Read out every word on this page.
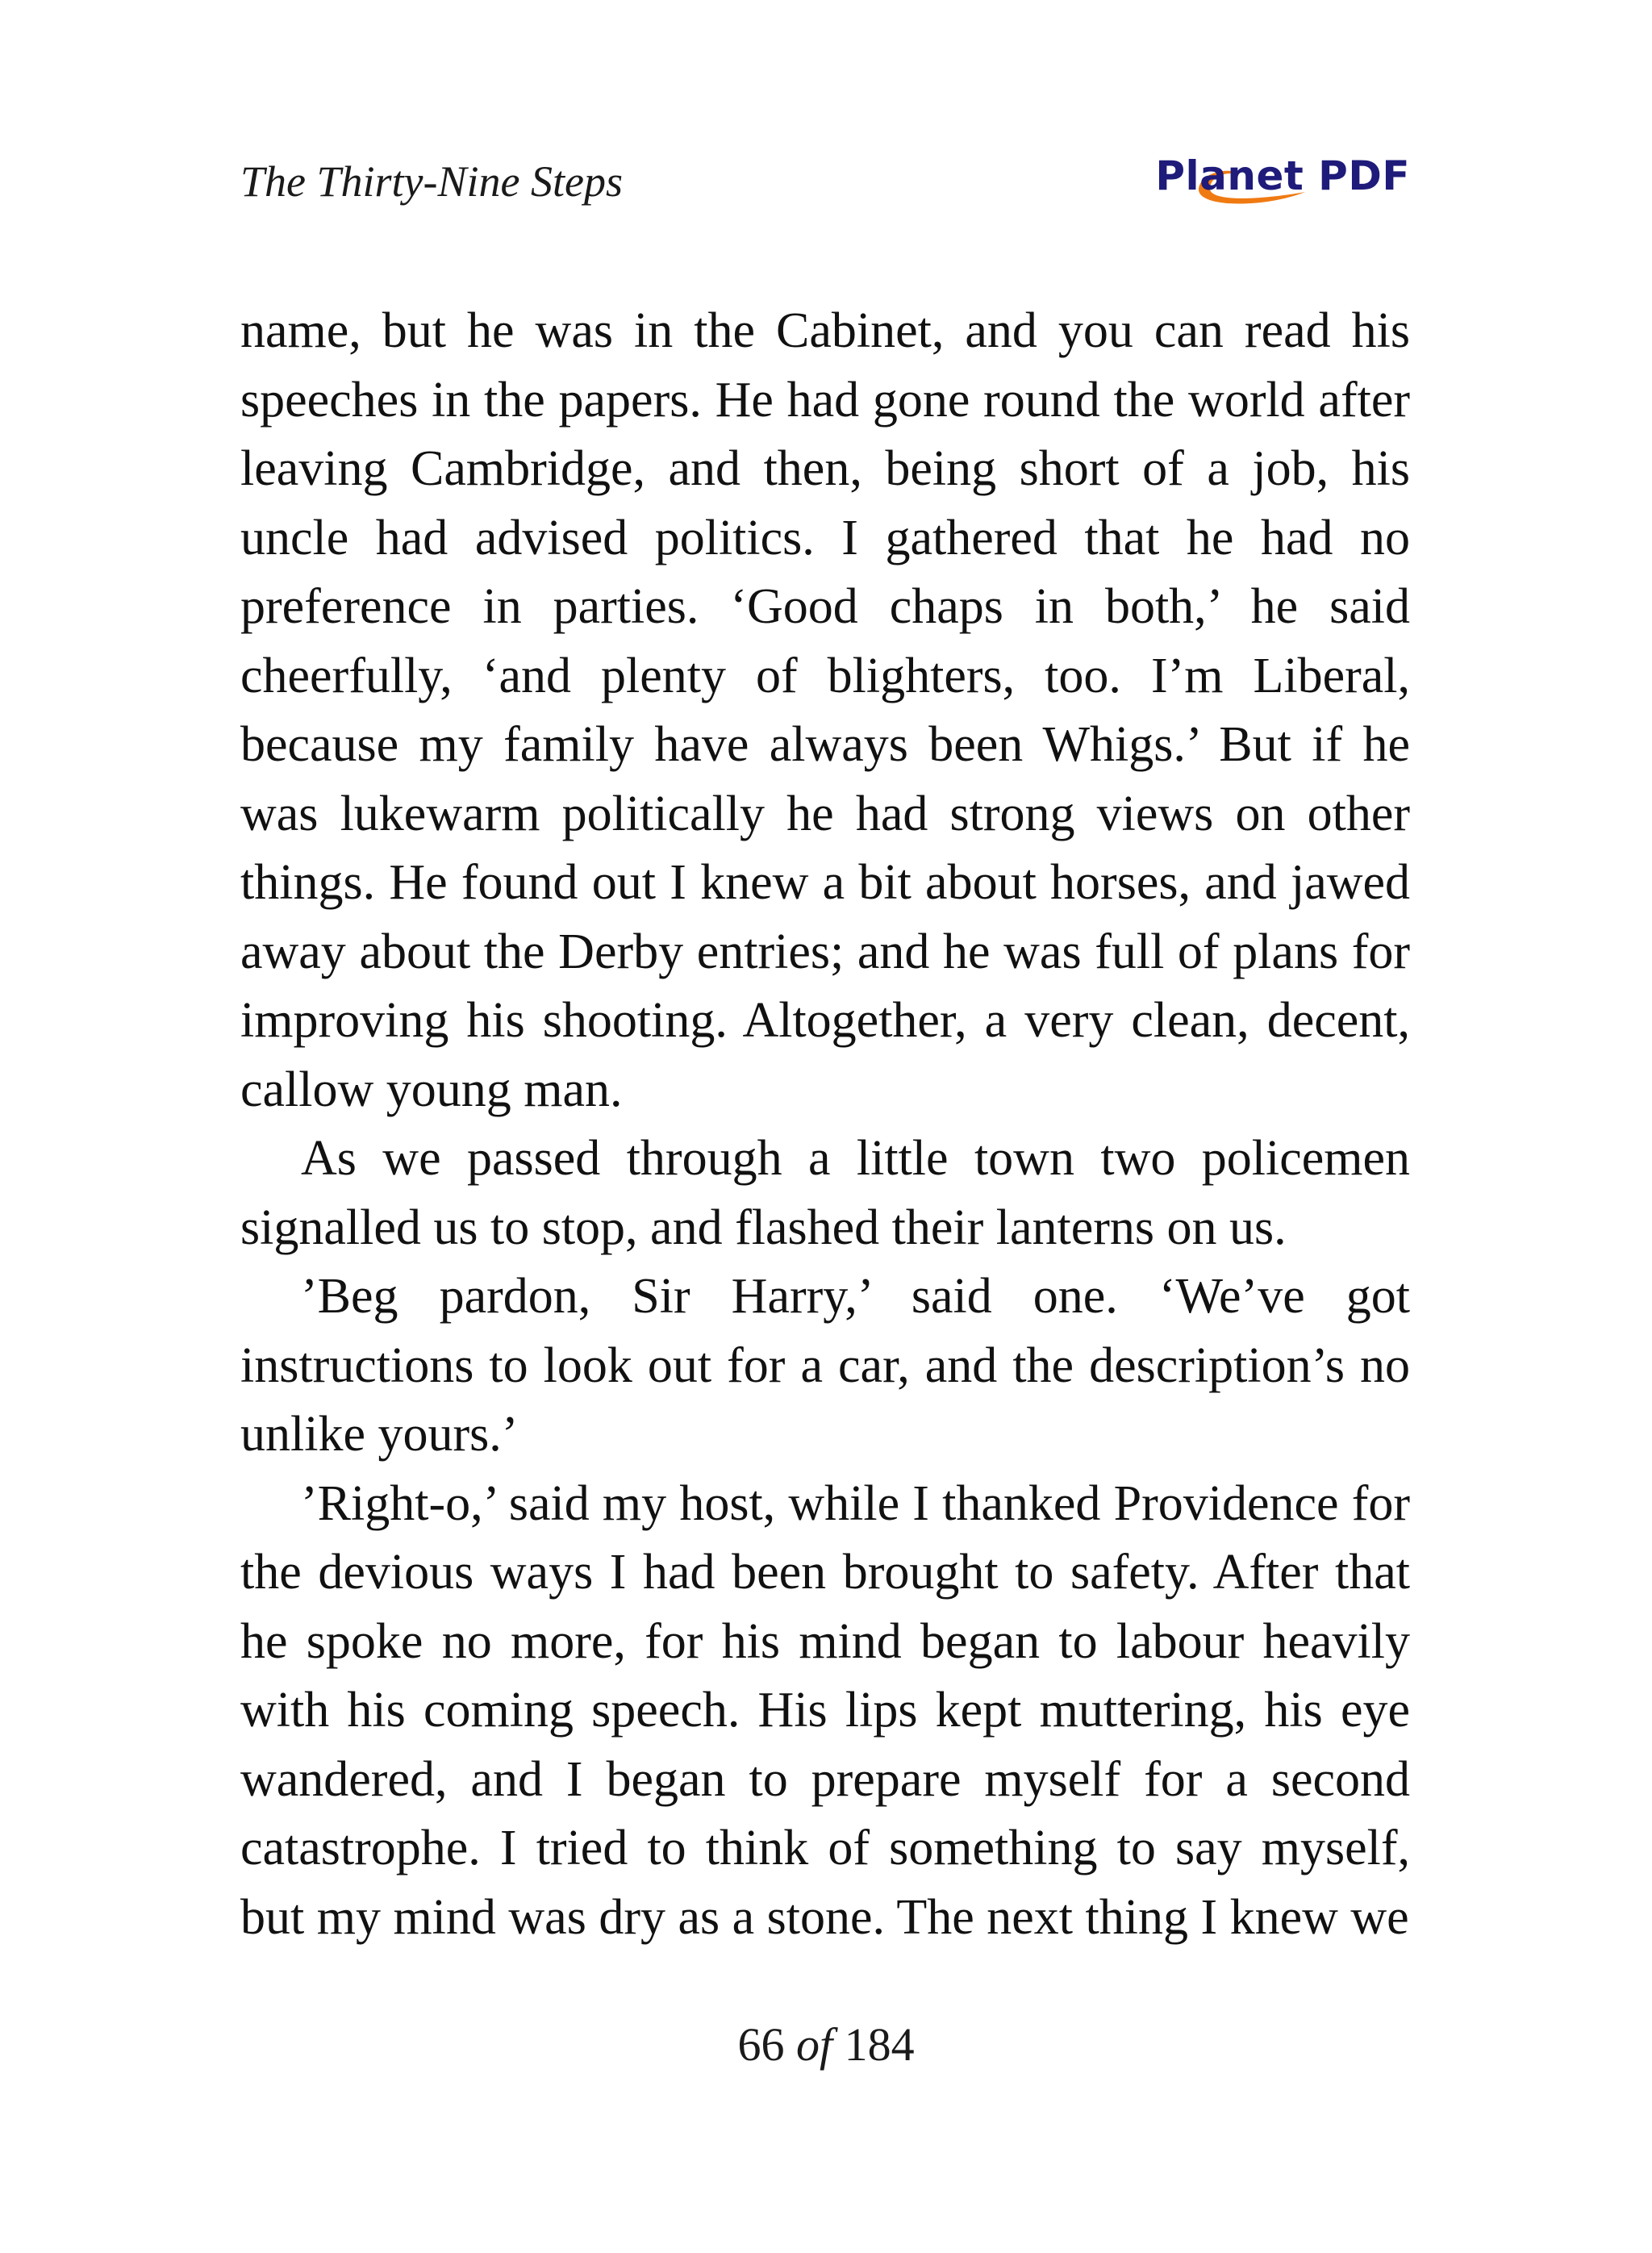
The Thirty-Nine Steps	Planet PDF

name, but he was in the Cabinet, and you can read his speeches in the papers. He had gone round the world after leaving Cambridge, and then, being short of a job, his uncle had advised politics. I gathered that he had no preference in parties. ‘Good chaps in both,’ he said cheerfully, ‘and plenty of blighters, too. I’m Liberal, because my family have always been Whigs.’ But if he was lukewarm politically he had strong views on other things. He found out I knew a bit about horses, and jawed away about the Derby entries; and he was full of plans for improving his shooting. Altogether, a very clean, decent, callow young man.

As we passed through a little town two policemen signalled us to stop, and flashed their lanterns on us.

’Beg pardon, Sir Harry,’ said one. ‘We’ve got instructions to look out for a car, and the description’s no unlike yours.’

’Right-o,’ said my host, while I thanked Providence for the devious ways I had been brought to safety. After that he spoke no more, for his mind began to labour heavily with his coming speech. His lips kept muttering, his eye wandered, and I began to prepare myself for a second catastrophe. I tried to think of something to say myself, but my mind was dry as a stone. The next thing I knew we

66 of 184
